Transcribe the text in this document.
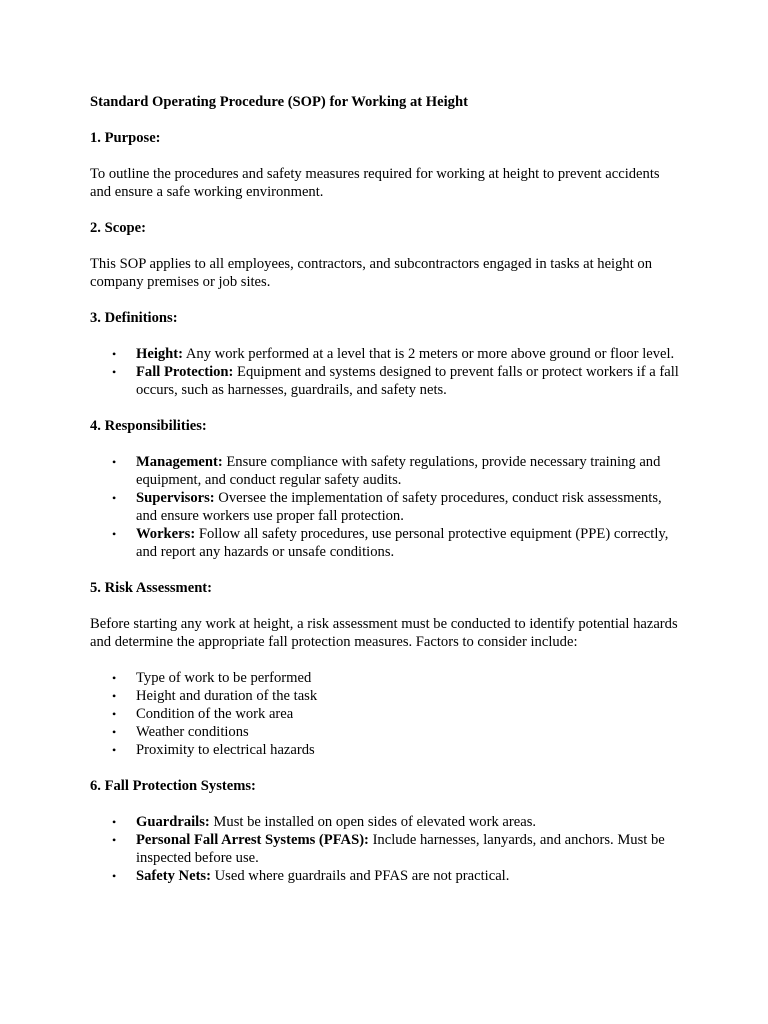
Standard Operating Procedure (SOP) for Working at Height

1. Purpose:

To outline the procedures and safety measures required for working at height to prevent accidents and ensure a safe working environment.

2. Scope:

This SOP applies to all employees, contractors, and subcontractors engaged in tasks at height on company premises or job sites.

3. Definitions:

• Height: Any work performed at a level that is 2 meters or more above ground or floor level.
• Fall Protection: Equipment and systems designed to prevent falls or protect workers if a fall occurs, such as harnesses, guardrails, and safety nets.

4. Responsibilities:

• Management: Ensure compliance with safety regulations, provide necessary training and equipment, and conduct regular safety audits.
• Supervisors: Oversee the implementation of safety procedures, conduct risk assessments, and ensure workers use proper fall protection.
• Workers: Follow all safety procedures, use personal protective equipment (PPE) correctly, and report any hazards or unsafe conditions.

5. Risk Assessment:

Before starting any work at height, a risk assessment must be conducted to identify potential hazards and determine the appropriate fall protection measures. Factors to consider include:

• Type of work to be performed
• Height and duration of the task
• Condition of the work area
• Weather conditions
• Proximity to electrical hazards

6. Fall Protection Systems:

• Guardrails: Must be installed on open sides of elevated work areas.
• Personal Fall Arrest Systems (PFAS): Include harnesses, lanyards, and anchors. Must be inspected before use.
• Safety Nets: Used where guardrails and PFAS are not practical.
